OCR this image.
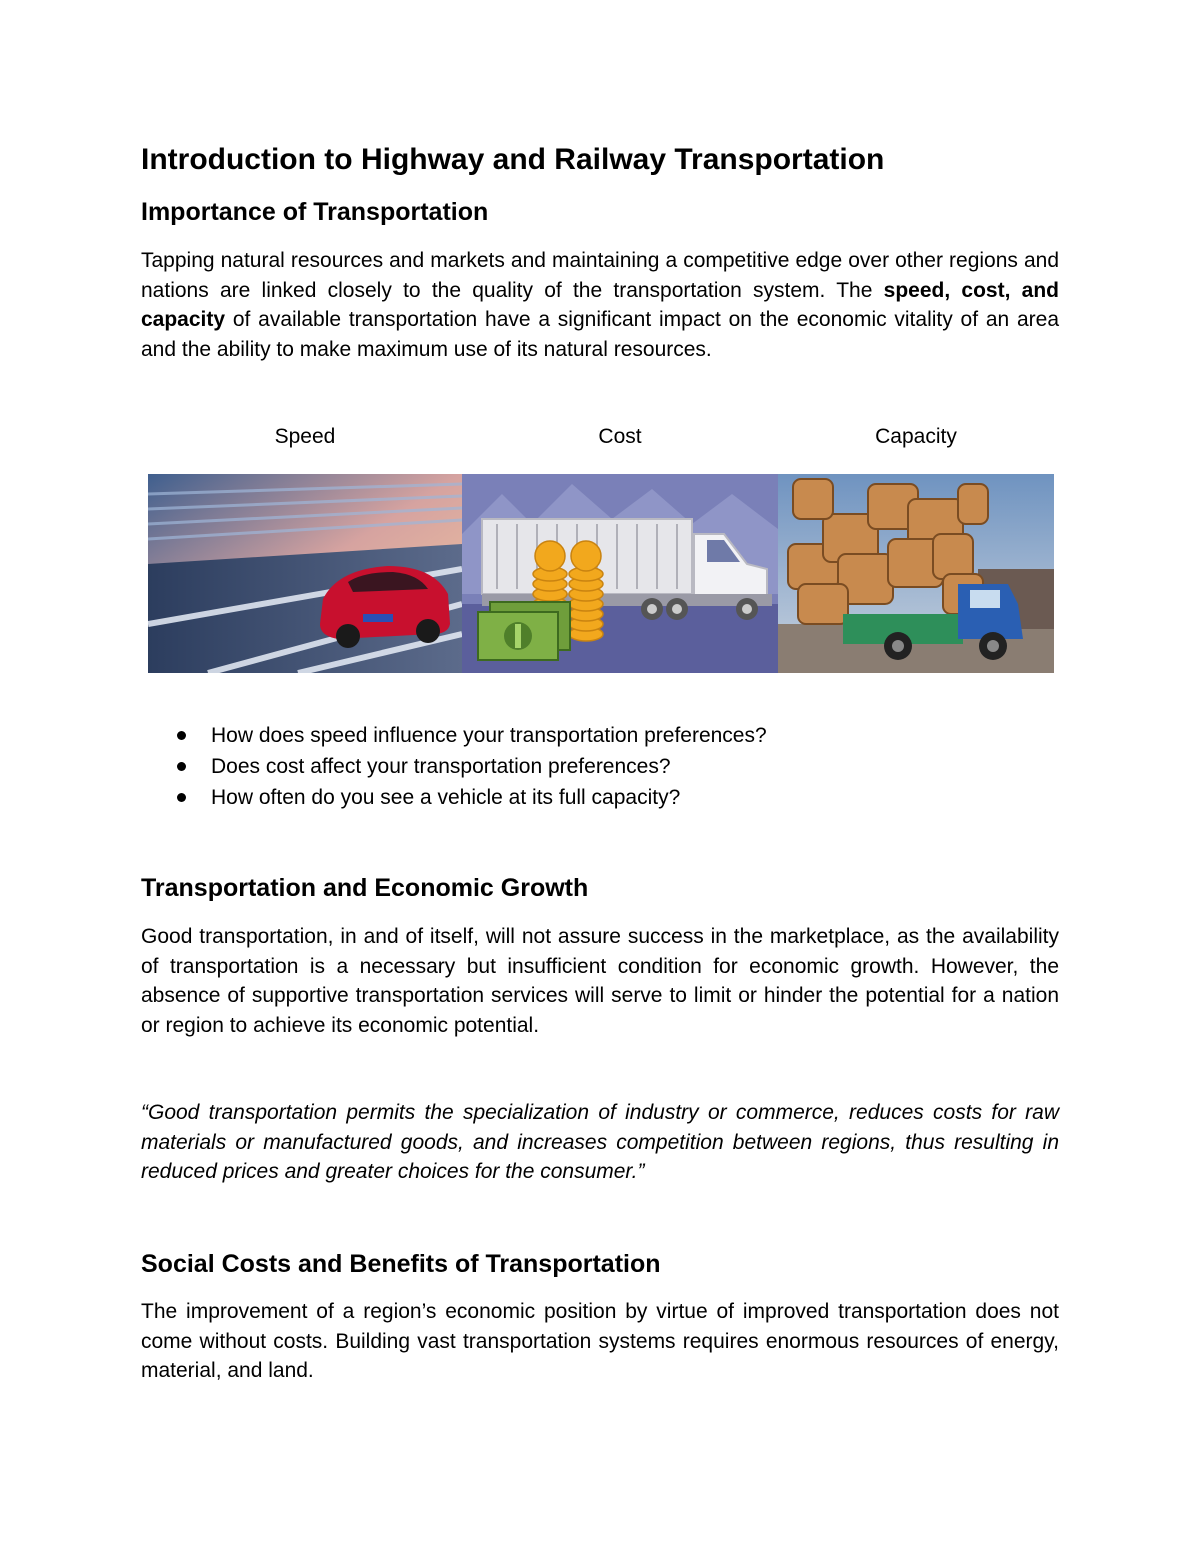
Introduction to Highway and Railway Transportation
Importance of Transportation

Tapping natural resources and markets and maintaining a competitive edge over other regions and nations are linked closely to the quality of the transportation system. The speed, cost, and capacity of available transportation have a significant impact on the economic vitality of an area and the ability to make maximum use of its natural resources.

Speed	Cost	Capacity
How does speed influence your transportation preferences?
Does cost affect your transportation preferences?
How often do you see a vehicle at its full capacity?
Transportation and Economic Growth

Good transportation, in and of itself, will not assure success in the marketplace, as the availability of transportation is a necessary but insufficient condition for economic growth. However, the absence of supportive transportation services will serve to limit or hinder the potential for a nation or region to achieve its economic potential.

“Good transportation permits the specialization of industry or commerce, reduces costs for raw materials or manufactured goods, and increases competition between regions, thus resulting in reduced prices and greater choices for the consumer.”

Social Costs and Benefits of Transportation

The improvement of a region’s economic position by virtue of improved transportation does not come without costs. Building vast transportation systems requires enormous resources of energy, material, and land.
